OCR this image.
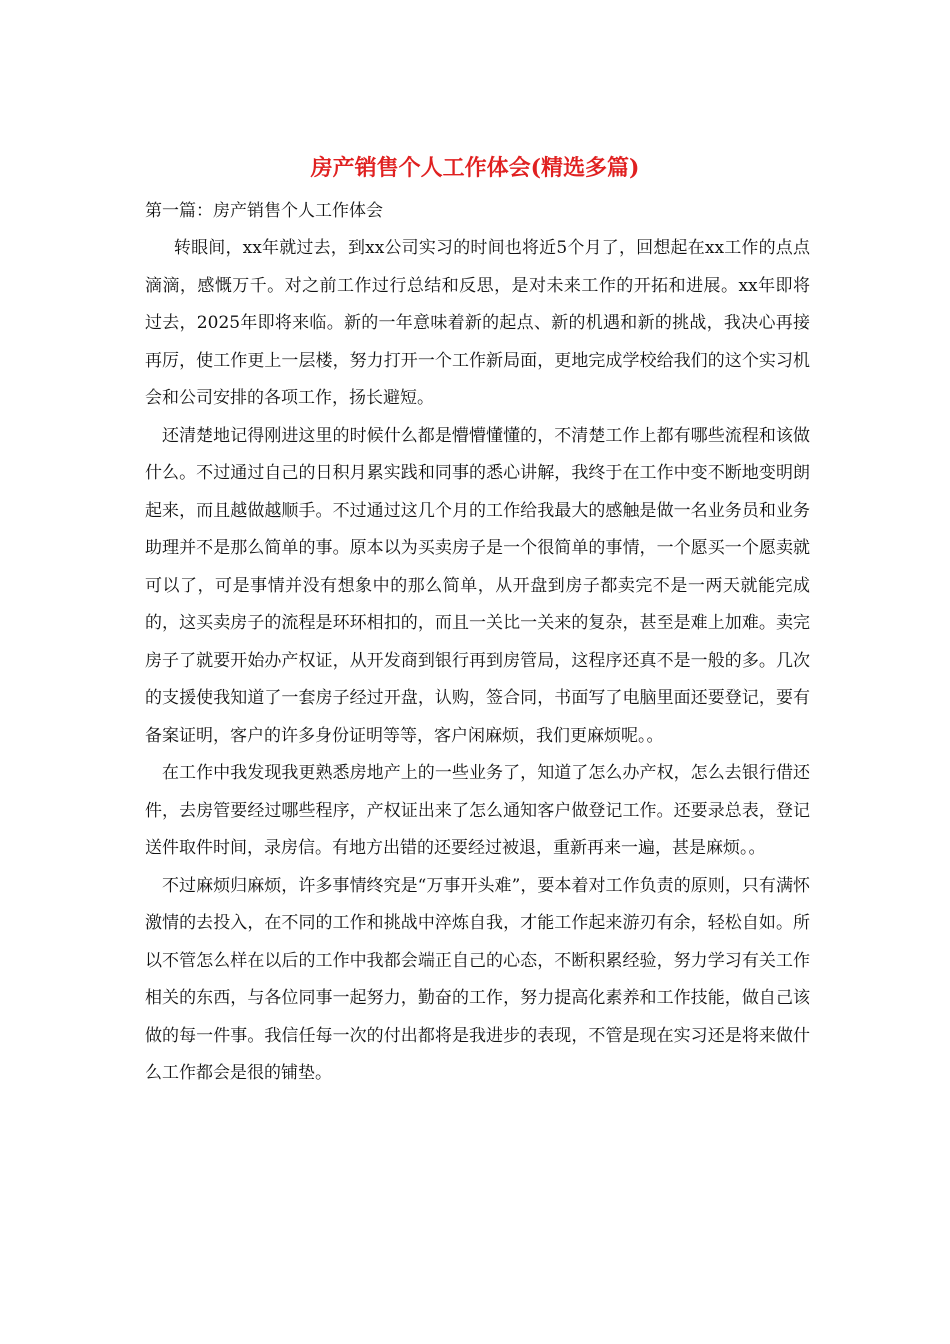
房产销售个人工作体会(精选多篇)
第一篇：房产销售个人工作体会

转眼间，xx年就过去，到xx公司实习的时间也将近5个月了，回想起在xx工作的点点滴滴，感慨万千。对之前工作过行总结和反思，是对未来工作的开拓和进展。xx年即将过去，2025年即将来临。新的一年意味着新的起点、新的机遇和新的挑战，我决心再接再厉，使工作更上一层楼，努力打开一个工作新局面，更地完成学校给我们的这个实习机会和公司安排的各项工作，扬长避短。

还清楚地记得刚进这里的时候什么都是懵懵懂懂的，不清楚工作上都有哪些流程和该做什么。不过通过自己的日积月累实践和同事的悉心讲解，我终于在工作中变不断地变明朗起来，而且越做越顺手。不过通过这几个月的工作给我最大的感触是做一名业务员和业务助理并不是那么简单的事。原本以为买卖房子是一个很简单的事情，一个愿买一个愿卖就可以了，可是事情并没有想象中的那么简单，从开盘到房子都卖完不是一两天就能完成的，这买卖房子的流程是环环相扣的，而且一关比一关来的复杂，甚至是难上加难。卖完房子了就要开始办产权证，从开发商到银行再到房管局，这程序还真不是一般的多。几次的支援使我知道了一套房子经过开盘，认购，签合同，书面写了电脑里面还要登记，要有备案证明，客户的许多身份证明等等，客户闲麻烦，我们更麻烦呢。。

在工作中我发现我更熟悉房地产上的一些业务了，知道了怎么办产权，怎么去银行借还件，去房管要经过哪些程序，产权证出来了怎么通知客户做登记工作。还要录总表，登记送件取件时间，录房信。有地方出错的还要经过被退，重新再来一遍，甚是麻烦。。

不过麻烦归麻烦，许多事情终究是“万事开头难”，要本着对工作负责的原则，只有满怀激情的去投入，在不同的工作和挑战中淬炼自我，才能工作起来游刃有余，轻松自如。所以不管怎么样在以后的工作中我都会端正自己的心态，不断积累经验，努力学习有关工作相关的东西，与各位同事一起努力，勤奋的工作，努力提高化素养和工作技能，做自己该做的每一件事。我信任每一次的付出都将是我进步的表现，不管是现在实习还是将来做什么工作都会是很的铺垫。
